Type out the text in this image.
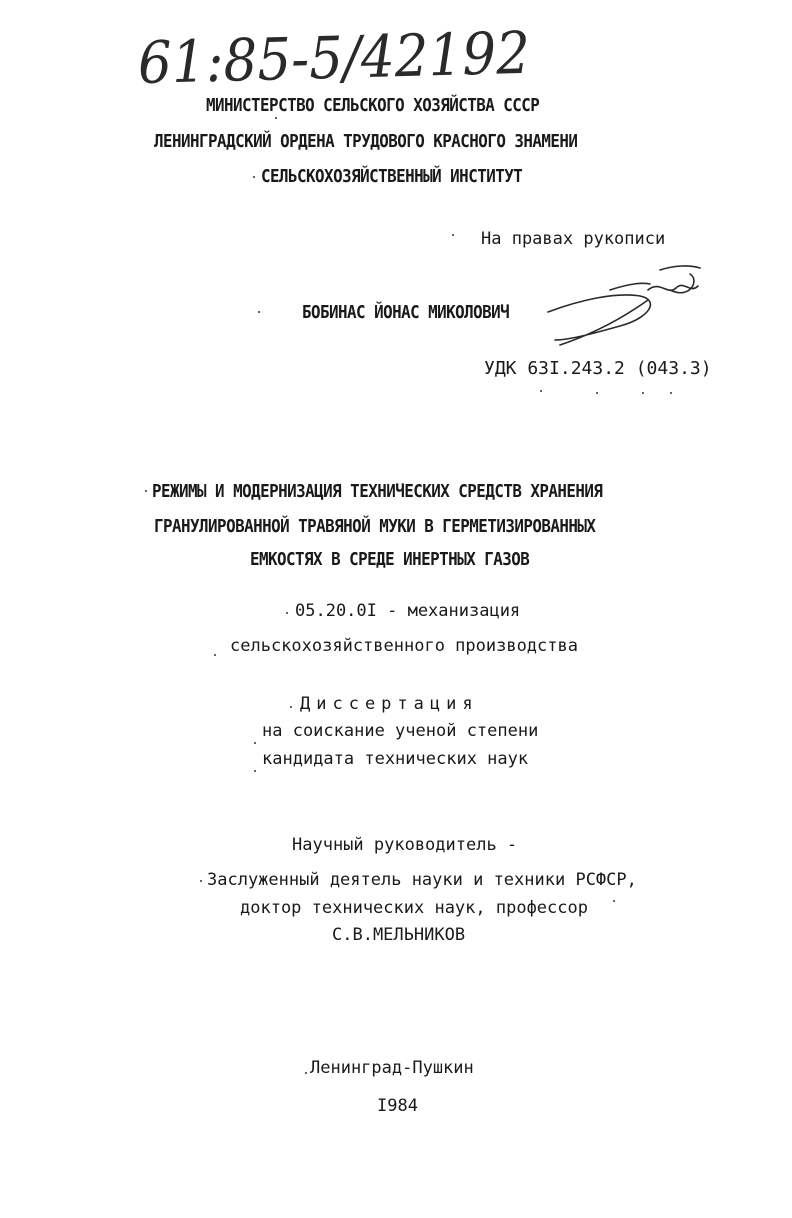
61:85-5/42192
МИНИСТЕРСТВО СЕЛЬСКОГО ХОЗЯЙСТВА СССР
ЛЕНИНГРАДСКИЙ ОРДЕНА ТРУДОВОГО КРАСНОГО ЗНАМЕНИ
СЕЛЬСКОХОЗЯЙСТВЕННЫЙ ИНСТИТУТ
На правах рукописи
БОБИНАС ЙОНАС МИКОЛОВИЧ
УДК 63I.243.2 (043.3)
РЕЖИМЫ И МОДЕРНИЗАЦИЯ ТЕХНИЧЕСКИХ СРЕДСТВ ХРАНЕНИЯ
ГРАНУЛИРОВАННОЙ ТРАВЯНОЙ МУКИ В ГЕРМЕТИЗИРОВАННЫХ
ЕМКОСТЯХ В СРЕДЕ ИНЕРТНЫХ ГАЗОВ
05.20.0I - механизация
сельскохозяйственного производства
Диссертация
на соискание ученой степени
кандидата технических наук
Научный руководитель -
Заслуженный деятель науки и техники РСФСР,
доктор технических наук, профессор
С.В.МЕЛЬНИКОВ
Ленинград-Пушкин
I984
